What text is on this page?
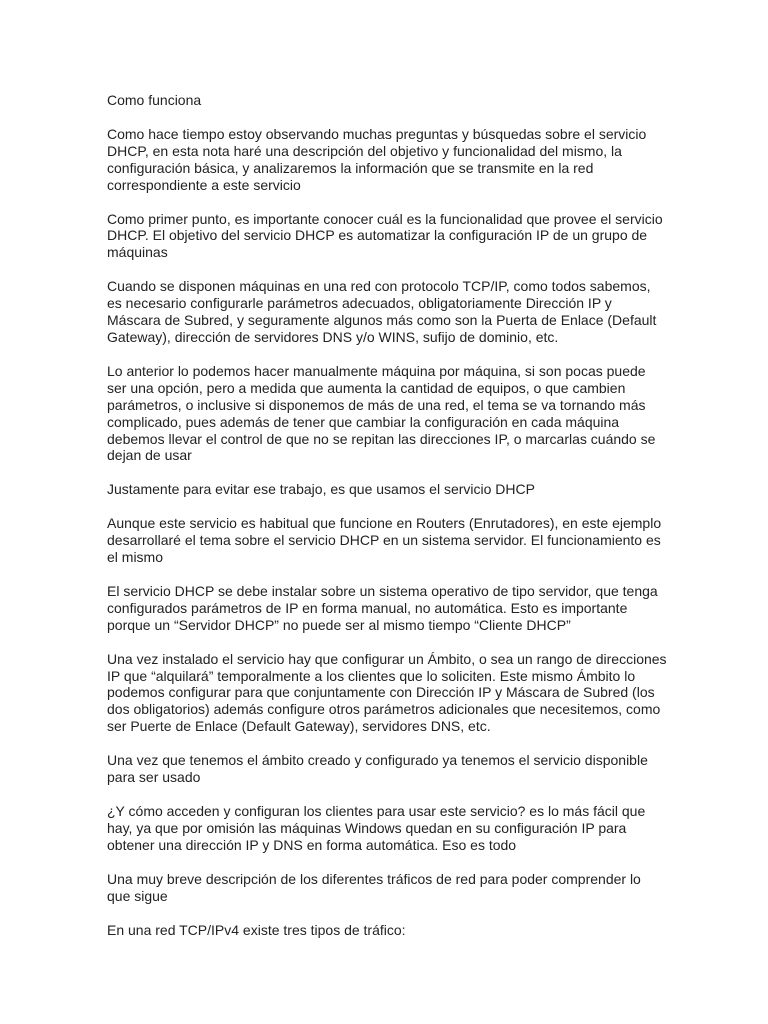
Como funciona

Como hace tiempo estoy observando muchas preguntas y búsquedas sobre el servicio DHCP, en esta nota haré una descripción del objetivo y funcionalidad del mismo, la configuración básica, y analizaremos la información que se transmite en la red correspondiente a este servicio

Como primer punto, es importante conocer cuál es la funcionalidad que provee el servicio DHCP. El objetivo del servicio DHCP es automatizar la configuración IP de un grupo de máquinas

Cuando se disponen máquinas en una red con protocolo TCP/IP, como todos sabemos, es necesario configurarle parámetros adecuados, obligatoriamente Dirección IP y Máscara de Subred, y seguramente algunos más como son la Puerta de Enlace (Default Gateway), dirección de servidores DNS y/o WINS, sufijo de dominio, etc.

Lo anterior lo podemos hacer manualmente máquina por máquina, si son pocas puede ser una opción, pero a medida que aumenta la cantidad de equipos, o que cambien parámetros, o inclusive si disponemos de más de una red, el tema se va tornando más complicado, pues además de tener que cambiar la configuración en cada máquina debemos llevar el control de que no se repitan las direcciones IP, o marcarlas cuándo se dejan de usar

Justamente para evitar ese trabajo, es que usamos el servicio DHCP

Aunque este servicio es habitual que funcione en Routers (Enrutadores), en este ejemplo desarrollaré el tema sobre el servicio DHCP en un sistema servidor. El funcionamiento es el mismo

El servicio DHCP se debe instalar sobre un sistema operativo de tipo servidor, que tenga configurados parámetros de IP en forma manual, no automática. Esto es importante porque un “Servidor DHCP” no puede ser al mismo tiempo “Cliente DHCP”

Una vez instalado el servicio hay que configurar un Ámbito, o sea un rango de direcciones IP que “alquilará” temporalmente a los clientes que lo soliciten. Este mismo Ámbito lo podemos configurar para que conjuntamente con Dirección IP y Máscara de Subred (los dos obligatorios) además configure otros parámetros adicionales que necesitemos, como ser Puerte de Enlace (Default Gateway), servidores DNS, etc.

Una vez que tenemos el ámbito creado y configurado ya tenemos el servicio disponible para ser usado

¿Y cómo acceden y configuran los clientes para usar este servicio? es lo más fácil que hay, ya que por omisión las máquinas Windows quedan en su configuración IP para obtener una dirección IP y DNS en forma automática. Eso es todo

Una muy breve descripción de los diferentes tráficos de red para poder comprender lo que sigue

En una red TCP/IPv4 existe tres tipos de tráfico:
